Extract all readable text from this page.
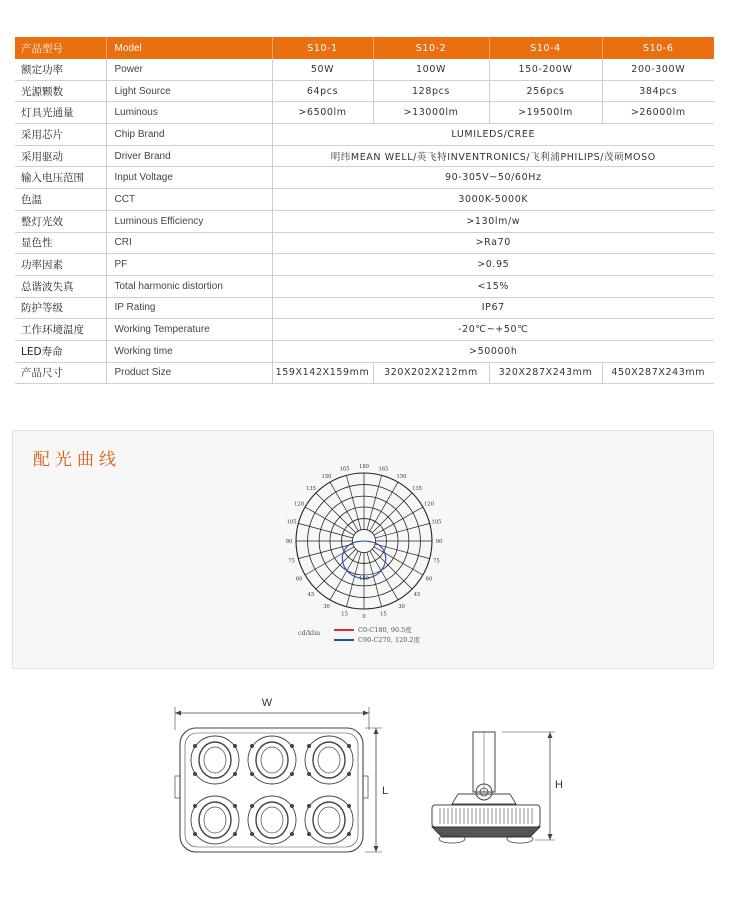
产品型号	Model	S10-1	S10-2	S10-4	S10-6
额定功率	Power	50W	100W	150-200W	200-300W
光源颗数	Light Source	64pcs	128pcs	256pcs	384pcs
灯具光通量	Luminous	>6500lm	>13000lm	>19500lm	>26000lm
采用芯片	Chip Brand	LUMILEDS/CREE			
采用驱动	Driver Brand	明纬MEAN WELL/英飞特INVENTRONICS/飞利浦PHILIPS/茂硕MOSO			
输入电压范围	Input Voltage	90-305V~50/60Hz			
色温	CCT	3000K-5000K			
整灯光效	Luminous Efficiency	>130lm/w			
显色性	CRI	>Ra70			
功率因素	PF	>0.95			
总谐波失真	Total harmonic distortion	<15%			
防护等级	IP Rating	IP67			
工作环境温度	Working Temperature	-20℃~+50℃			
LED寿命	Working time	>50000h			
产品尺寸	Product Size	159X142X159mm	320X202X212mm	320X287X243mm	450X287X243mm
配光曲线	180
165
150
135
120
105
90
75
60
45
30
15
165
150
135
120
105
90
75
60
45
30
15
0
150
cd/klm	C0-C180, 90.5度
C90-C270, 120.2度
W
L	H
